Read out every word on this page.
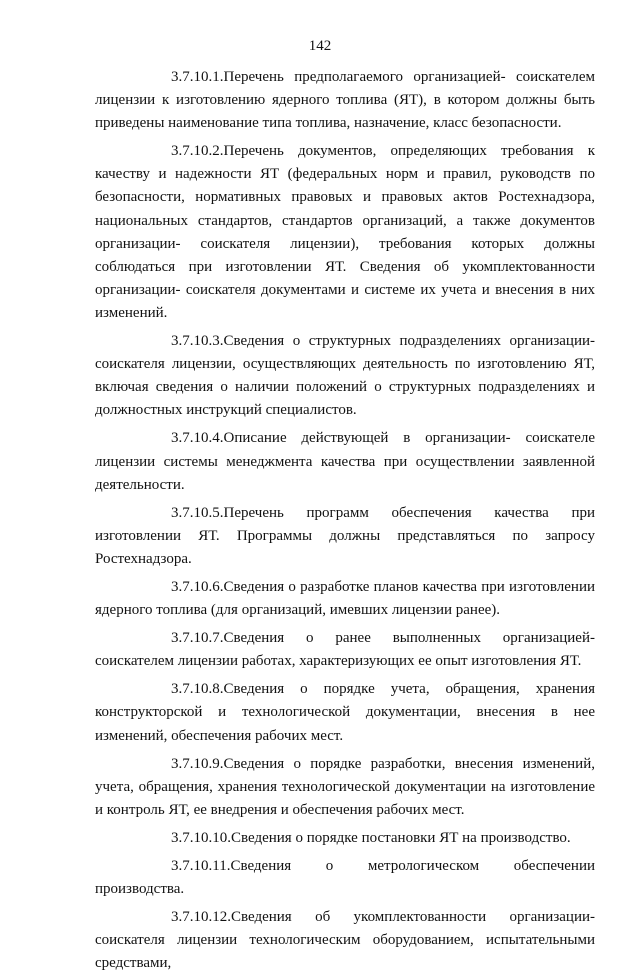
142

3.7.10.1.Перечень предполагаемого организацией- соискателем лицензии к изготовлению ядерного топлива (ЯТ), в котором должны быть приведены наименование типа топлива, назначение, класс безопасности.

3.7.10.2.Перечень документов, определяющих требования к качеству и надежности ЯТ (федеральных норм и правил, руководств по безопасности, нормативных правовых и правовых актов Ростехнадзора, национальных стандартов, стандартов организаций, а также документов организации- соискателя лицензии), требования которых должны соблюдаться при изготовлении ЯТ. Сведения об укомплектованности организации- соискателя документами и системе их учета и внесения в них изменений.

3.7.10.3.Сведения о структурных подразделениях организации-соискателя лицензии, осуществляющих деятельность по изготовлению ЯТ, включая сведения о наличии положений о структурных подразделениях и должностных инструкций специалистов.

3.7.10.4.Описание действующей в организации- соискателе лицензии системы менеджмента качества при осуществлении заявленной деятельности.

3.7.10.5.Перечень программ обеспечения качества при изготовлении ЯТ. Программы должны представляться по запросу Ростехнадзора.

3.7.10.6.Сведения о разработке планов качества при изготовлении ядерного топлива (для организаций, имевших лицензии ранее).

3.7.10.7.Сведения о ранее выполненных организацией- соискателем лицензии работах, характеризующих ее опыт изготовления ЯТ.

3.7.10.8.Сведения о порядке учета, обращения, хранения конструкторской и технологической документации, внесения в нее изменений, обеспечения рабочих мест.

3.7.10.9.Сведения о порядке разработки, внесения изменений, учета, обращения, хранения технологической документации на изготовление и контроль ЯТ, ее внедрения и обеспечения рабочих мест.

3.7.10.10.Сведения о порядке постановки ЯТ на производство.

3.7.10.11.Сведения о метрологическом обеспечении производства.

3.7.10.12.Сведения об укомплектованности организации- соискателя лицензии технологическим оборудованием, испытательными средствами,
